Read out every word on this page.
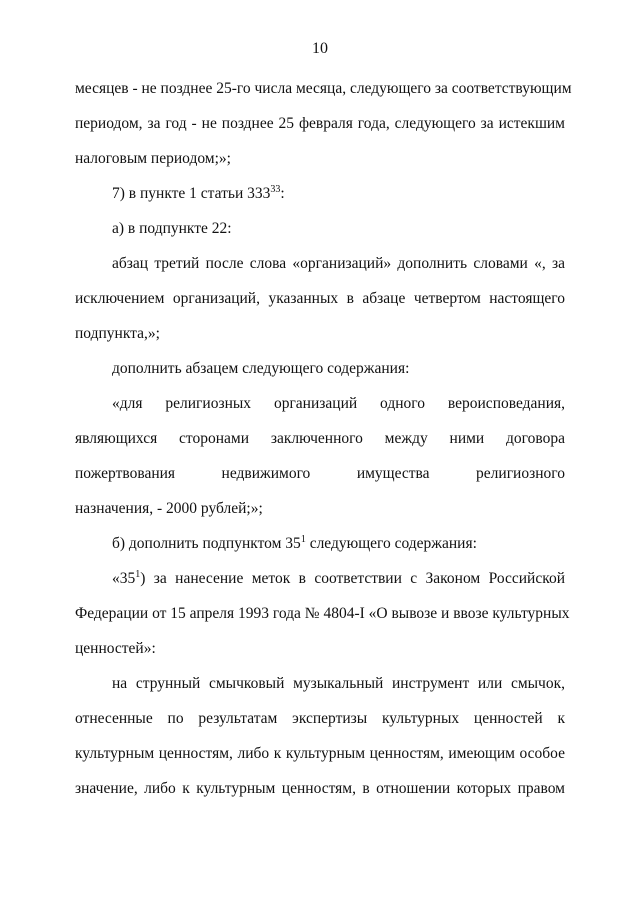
10
месяцев - не позднее 25-го числа месяца, следующего за соответствующим
периодом, за год - не позднее 25 февраля года, следующего за истекшим
налоговым периодом;»;
7) в пункте 1 статьи $333^{33}$:
а) в подпункте 22:
абзац третий после слова «организаций» дополнить словами «, за
исключением организаций, указанных в абзаце четвертом настоящего
подпункта,»;
дополнить абзацем следующего содержания:
«для религиозных организаций одного вероисповедания,
являющихся сторонами заключенного между ними договора
пожертвования недвижимого имущества религиозного
назначения, - 2000 рублей;»;
б) дополнить подпунктом $35^1$ следующего содержания:
«$35^1$) за нанесение меток в соответствии с Законом Российской
Федерации от 15 апреля 1993 года № 4804-I «О вывозе и ввозе культурных
ценностей»:
на струнный смычковый музыкальный инструмент или смычок,
отнесенные по результатам экспертизы культурных ценностей к
культурным ценностям, либо к культурным ценностям, имеющим особое
значение, либо к культурным ценностям, в отношении которых правом
